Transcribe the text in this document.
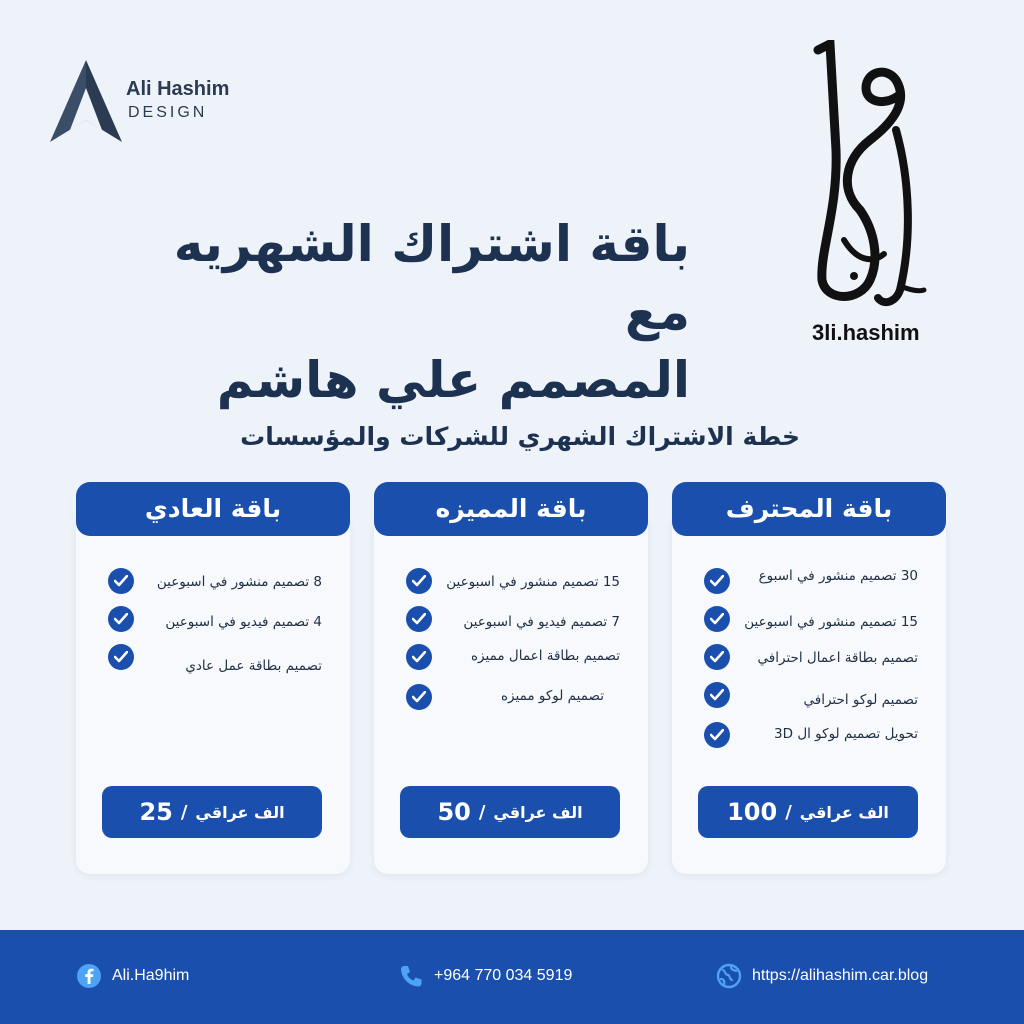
Ali Hashim
DESIGN
3li.hashim
باقة اشتراك الشهريه مع
المصمم علي هاشم
خطة الاشتراك الشهري للشركات والمؤسسات
باقة المحترف
30 تصميم منشور في اسبوع
15 تصميم منشور في اسبوعين
تصميم بطاقة اعمال احترافي
تصميم لوكو احترافي
تحويل تصميم لوكو ال 3D
الف عراقي
/
100
باقة المميزه
15 تصميم منشور في اسبوعين
7 تصميم فيديو في اسبوعين
تصميم بطاقة اعمال مميزه
تصميم لوكو مميزه
الف عراقي
/
50
باقة العادي
8 تصميم منشور في اسبوعين
4 تصميم فيديو في اسبوعين
تصميم بطاقة عمل عادي
الف عراقي
/
25
Ali.Ha9him	+964 770 034 5919	https://alihashim.car.blog
